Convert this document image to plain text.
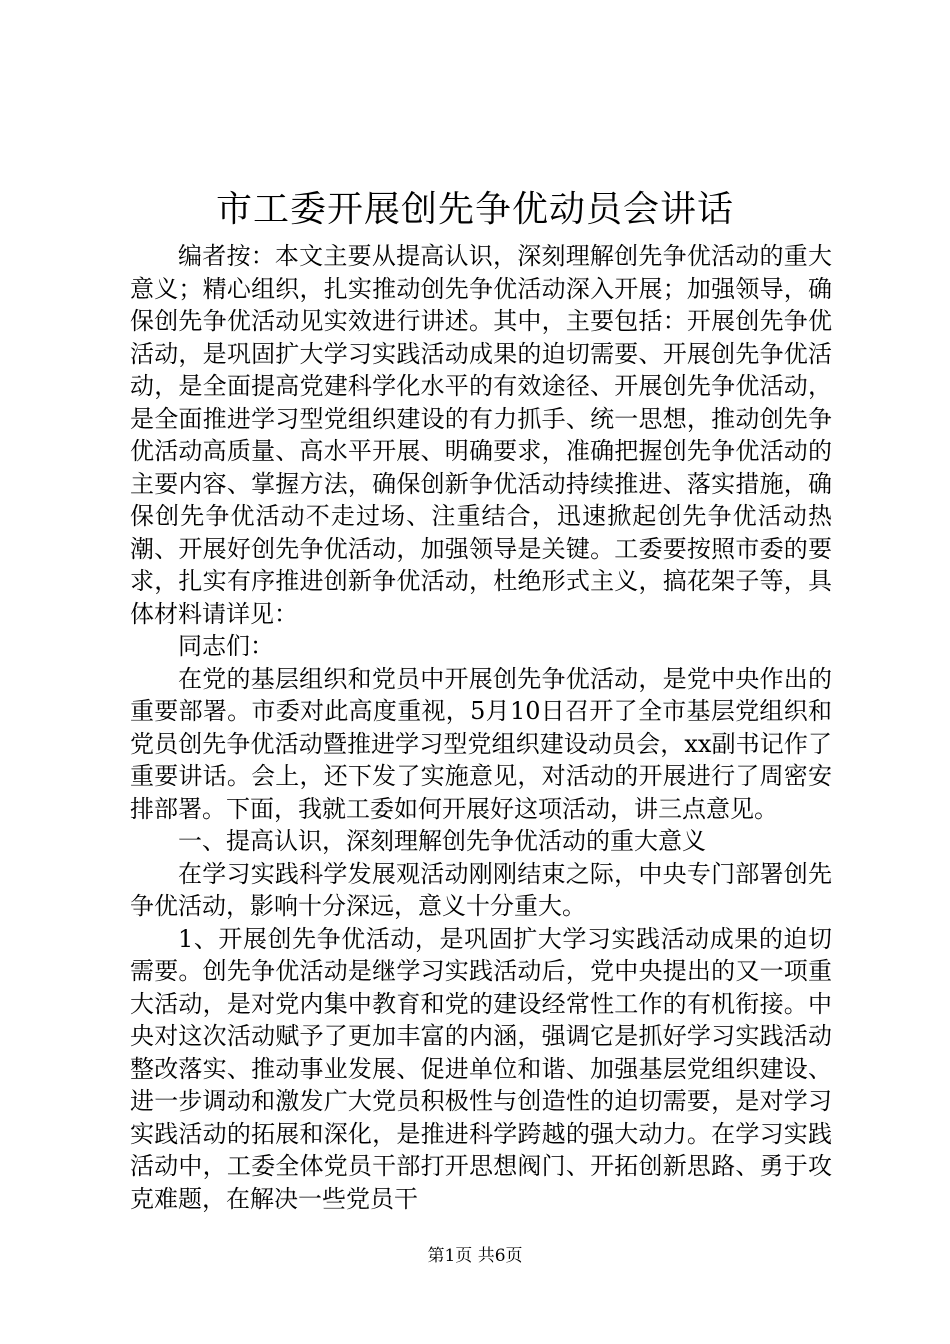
市工委开展创先争优动员会讲话

编者按：本文主要从提高认识，深刻理解创先争优活动的重大意义；精心组织，扎实推动创先争优活动深入开展；加强领导，确保创先争优活动见实效进行讲述。其中，主要包括：开展创先争优活动，是巩固扩大学习实践活动成果的迫切需要、开展创先争优活动，是全面提高党建科学化水平的有效途径、开展创先争优活动，是全面推进学习型党组织建设的有力抓手、统一思想，推动创先争优活动高质量、高水平开展、明确要求，准确把握创先争优活动的主要内容、掌握方法，确保创新争优活动持续推进、落实措施，确保创先争优活动不走过场、注重结合，迅速掀起创先争优活动热潮、开展好创先争优活动，加强领导是关键。工委要按照市委的要求，扎实有序推进创新争优活动，杜绝形式主义，搞花架子等，具体材料请详见：

同志们：

在党的基层组织和党员中开展创先争优活动，是党中央作出的重要部署。市委对此高度重视，5月10日召开了全市基层党组织和党员创先争优活动暨推进学习型党组织建设动员会，xx副书记作了重要讲话。会上，还下发了实施意见，对活动的开展进行了周密安排部署。下面，我就工委如何开展好这项活动，讲三点意见。

一、提高认识，深刻理解创先争优活动的重大意义

在学习实践科学发展观活动刚刚结束之际，中央专门部署创先争优活动，影响十分深远，意义十分重大。

1、开展创先争优活动，是巩固扩大学习实践活动成果的迫切需要。创先争优活动是继学习实践活动后，党中央提出的又一项重大活动，是对党内集中教育和党的建设经常性工作的有机衔接。中央对这次活动赋予了更加丰富的内涵，强调它是抓好学习实践活动整改落实、推动事业发展、促进单位和谐、加强基层党组织建设、进一步调动和激发广大党员积极性与创造性的迫切需要，是对学习实践活动的拓展和深化，是推进科学跨越的强大动力。在学习实践活动中，工委全体党员干部打开思想阀门、开拓创新思路、勇于攻克难题，在解决一些党员干

第1页 共6页
